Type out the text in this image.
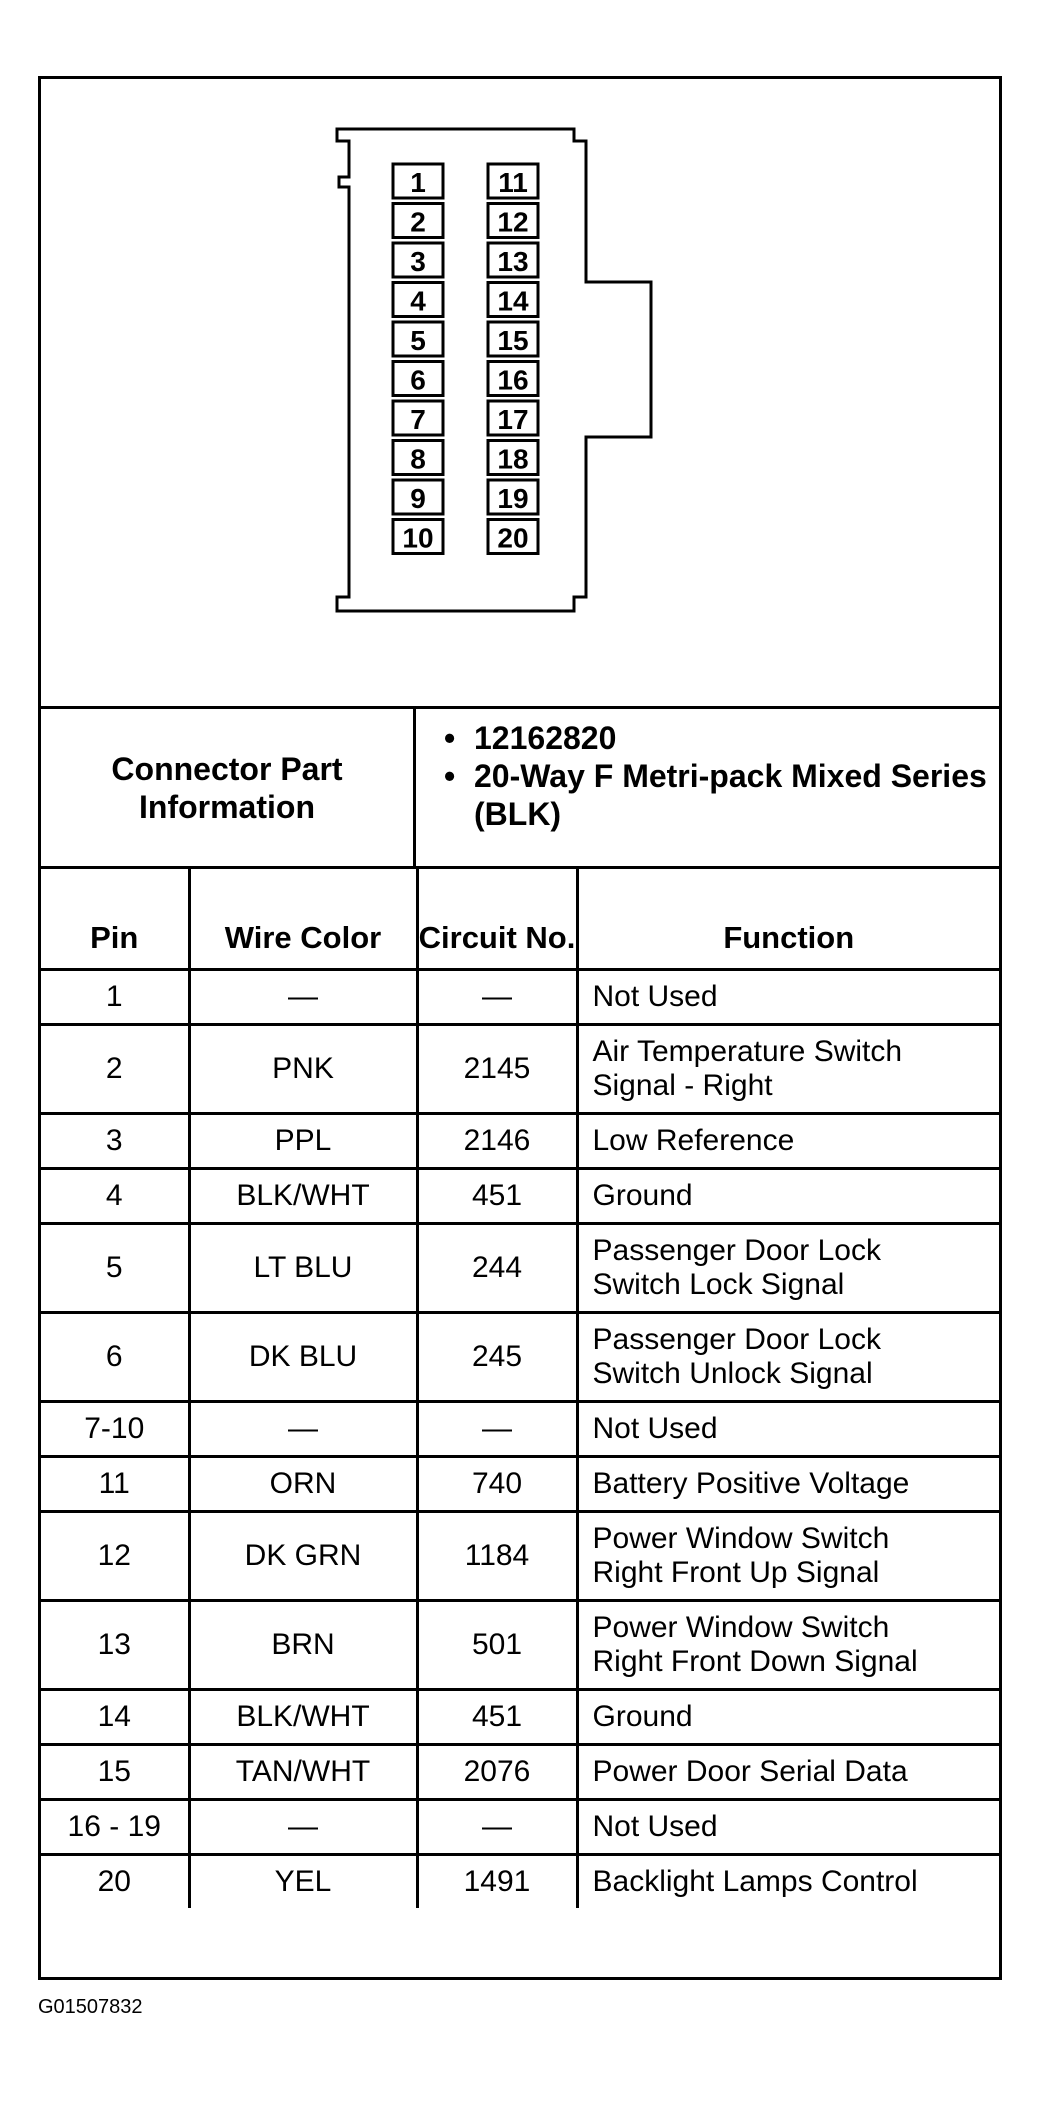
1
2
3
4
5
6
7
8
9
10
11
12
13
14
15
16
17
18
19
20
Connector Part
Information
• 12162820
• 20-Way F Metri-pack Mixed Series (BLK)
Pin	Wire Color	Circuit No.	Function
1	—	—	Not Used
2	PNK	2145	Air Temperature Switch
Signal - Right
3	PPL	2146	Low Reference
4	BLK/WHT	451	Ground
5	LT BLU	244	Passenger Door Lock
Switch Lock Signal
6	DK BLU	245	Passenger Door Lock
Switch Unlock Signal
7-10	—	—	Not Used
11	ORN	740	Battery Positive Voltage
12	DK GRN	1184	Power Window Switch
Right Front Up Signal
13	BRN	501	Power Window Switch
Right Front Down Signal
14	BLK/WHT	451	Ground
15	TAN/WHT	2076	Power Door Serial Data
16 - 19	—	—	Not Used
20	YEL	1491	Backlight Lamps Control
G01507832
